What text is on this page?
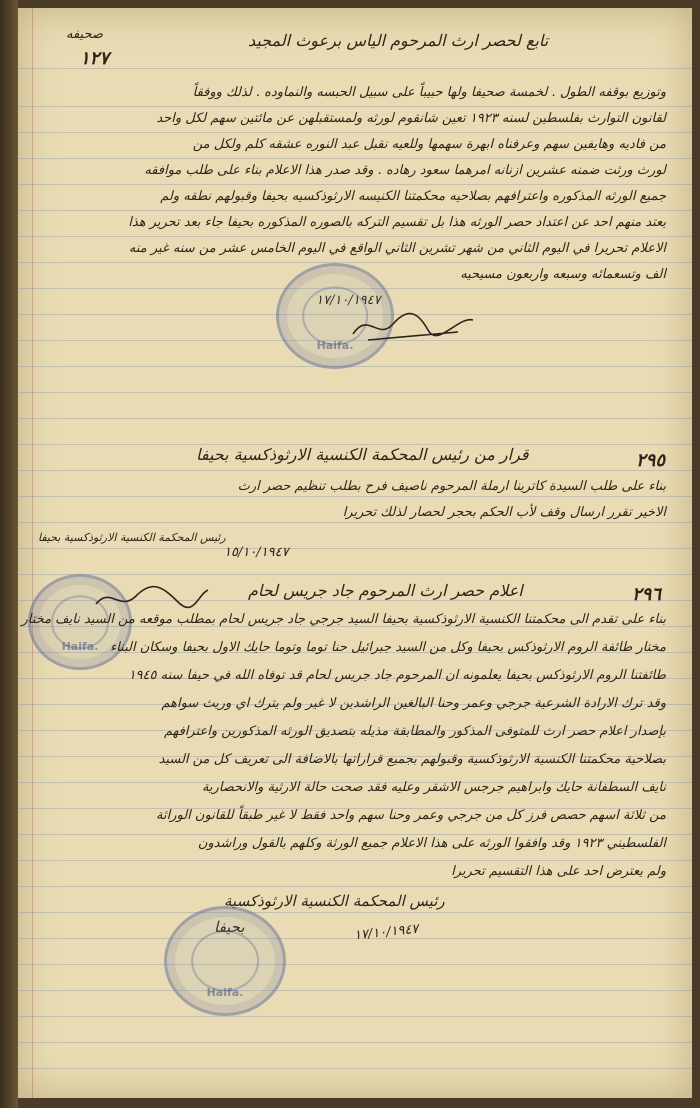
تابع لحصر ارث المرحوم الياس برعوث المجيد
صحيفه
١٢٧
وتوزيع بوقفه الطول . لخمسة صحيفا ولها حبيباً على سبيل الحبسه والنماوده . لذلك ووفقاً
لقانون التوارث بفلسطين لسنه ١٩٢٣ تعين شانقوم لورثه ولمستقبلهن عن مائتين سهم لكل واحد
من فاديه وهايفين سهم وعرفناه ابهرة سهمها وللعيه نقبل عبد النوره عشقه كلم ولكل من
لورث ورثت ضمنه عشرين ازنانه امرهما سعود رهاده . وقد صدر هذا الاعلام بناء على طلب موافقه
جميع الورثه المذكوره واعترافهم بصلاحيه محكمتنا الكنيسه الارثوذكسيه بحيفا وقبولهم نطقه ولم
يعتد منهم احد عن اعتداد حصر الورثه هذا بل تقسيم التركه بالصوره المذكوره بحيفا جاء بعد تحرير هذا
الاعلام تحريرا في اليوم الثاني من شهر تشرين الثاني الواقع في اليوم الخامس عشر من سنه غير منه
الف وتسعمائه وسبعه واربعون مسيحيه
١٧/١٠/١٩٤٧
Haifa.
٢٩٥
قرار من رئيس المحكمة الكنسية الارثوذكسية بحيفا
بناء على طلب السيدة كاترينا ارملة المرحوم ناصيف فرح بطلب تنظيم حصر ارث
الاخير تقرر ارسال وقف لأب الحكم بحجر لحصار لذلك تحريرا
١٥/١٠/١٩٤٧
رئيس المحكمة الكنسية الارثوذكسية بحيفا
Haifa.
٢٩٦
اعلام حصر ارث المرحوم جاد جريس لحام
بناء على تقدم الى محكمتنا الكنسية الارثوذكسية بحيفا السيد جرجي جاد جريس لحام بمطلب موقعه من السيد نايف مختار
مختار طائفة الروم الارثوذكس بحيفا وكل من السيد جبرائيل حنا توما وتوما حايك الاول بحيفا وسكان البناء
طائفتنا الروم الارثوذكس بحيفا يعلمونه ان المرحوم جاد جريس لحام قد توفاه الله في حيفا سنه ١٩٤٥
وقد ترك الارادة الشرعية جرجي وعمر وحنا البالغين الراشدين لا غير ولم يترك اي وريث سواهم
بإصدار اعلام حصر ارث للمتوفى المذكور والمطابقة مذيله بتصديق الورثه المذكورين واعترافهم
بصلاحية محكمتنا الكنسية الارثوذكسية وقبولهم بجميع قراراتها بالاضافة الى تعريف كل من السيد
نايف السطفانة حايك وابراهيم جرجس الاشقر وعليه فقد صحت حالة الارثية والانحصارية
من ثلاثة اسهم حصص فرز كل من جرجي وعمر وحنا سهم واحد فقط لا غير طبقاً للقانون الوراثة
الفلسطيني ١٩٢٣ وقد وافقوا الورثه على هذا الاعلام جميع الورثة وكلهم بالقول وراشدون
ولم يعترض احد على هذا التقسيم تحريرا
رئيس المحكمة الكنسية الارثوذكسية
بحيفا	١٧/١٠/١٩٤٧
Haifa.
